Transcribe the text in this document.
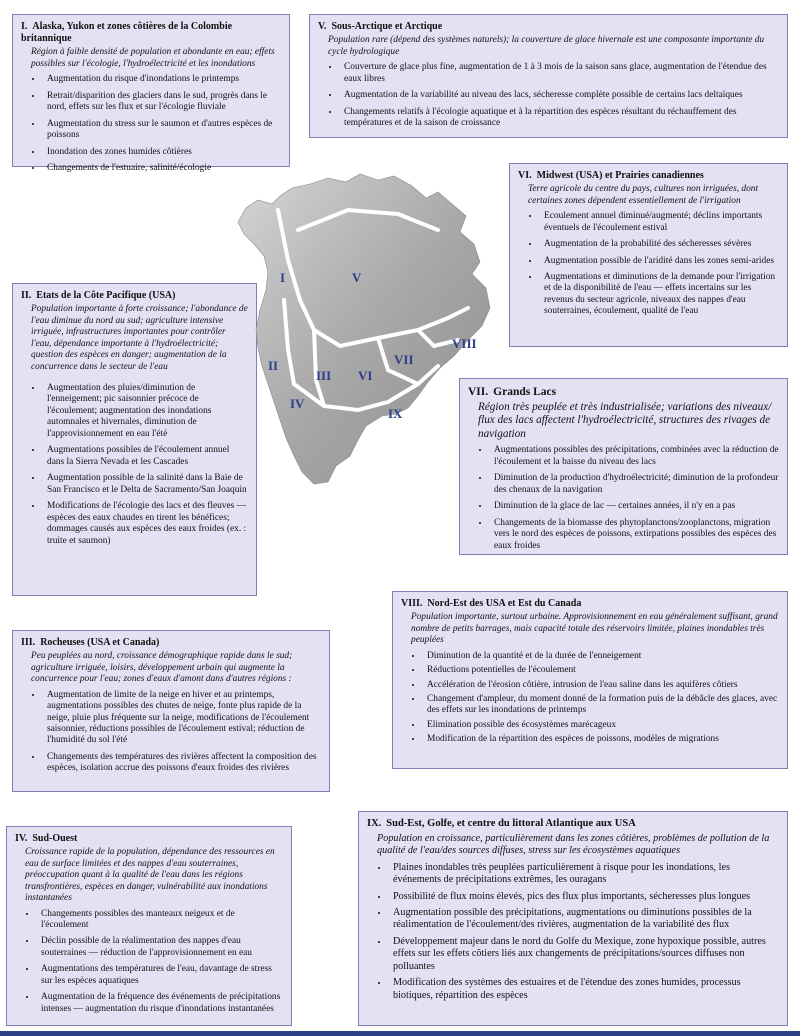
I. Alaska, Yukon et zones côtières de la Colombie britannique
Région à faible densité de population et abondante en eau; effets possibles sur l'écologie, l'hydroélectricité et les inondations
• Augmentation du risque d'inondations le printemps
• Retrait/disparition des glaciers dans le sud, progrès dans le nord, effets sur les flux et sur l'écologie fluviale
• Augmentation du stress sur le saumon et d'autres espèces de poissons
• Inondation des zones humides côtières
• Changements de l'estuaire, salinité/écologie
V. Sous-Arctique et Arctique
Population rare (dépend des systèmes naturels); la couverture de glace hivernale est une composante importante du cycle hydrologique
• Couverture de glace plus fine, augmentation de 1 à 3 mois de la saison sans glace, augmentation de l'étendue des eaux libres
• Augmentation de la variabilité au niveau des lacs, sécheresse complète possible de certains lacs deltaïques
• Changements relatifs à l'écologie aquatique et à la répartition des espèces résultant du réchauffement des températures et de la saison de croissance
VI. Midwest (USA) et Prairies canadiennes
Terre agricole du centre du pays, cultures non irriguées, dont certaines zones dépendent essentiellement de l'irrigation
• Ecoulement annuel diminué/augmenté; déclins importants éventuels de l'écoulement estival
• Augmentation de la probabilité des sécheresses sévères
• Augmentation possible de l'aridité dans les zones semi-arides
• Augmentations et diminutions de la demande pour l'irrigation et de la disponibilité de l'eau — effets incertains sur les revenus du secteur agricole, niveaux des nappes d'eau souterraines, écoulement, qualité de l'eau
II. Etats de la Côte Pacifique (USA)
Population importante à forte croissance; l'abondance de l'eau diminue du nord au sud; agriculture intensive irriguée, infrastructures importantes pour contrôler l'eau, dépendance importante à l'hydroélectricité; question des espèces en danger; augmentation de la concurrence dans le secteur de l'eau
• Augmentation des pluies/diminution de l'enneigement; pic saisonnier précoce de l'écoulement; augmentation des inondations automnales et hivernales, diminution de l'approvisionnement en eau l'été
• Augmentations possibles de l'écoulement annuel dans la Sierra Nevada et les Cascades
• Augmentation possible de la salinité dans la Baie de San Francisco et le Delta de Sacramento/San Joaquin
• Modifications de l'écologie des lacs et des fleuves — espèces des eaux chaudes en tirent les bénéfices; dommages causés aux espèces des eaux froides (ex. : truite et saumon)
I
II
III
IV
V
VI
VII
VIII
IX
VII. Grands Lacs
Région très peuplée et très industrialisée; variations des niveaux/ flux des lacs affectent l'hydroélectricité, structures des rivages de navigation
• Augmentations possibles des précipitations, combinées avec la réduction de l'écoulement et la baisse du niveau des lacs
• Diminution de la production d'hydroélectricité; diminution de la profondeur des chenaux de la navigation
• Diminution de la glace de lac — certaines années, il n'y en a pas
• Changements de la biomasse des phytoplanctons/zooplanctons, migration vers le nord des espèces de poissons, extirpations possibles des espèces des eaux froides
VIII. Nord-Est des USA et Est du Canada
Population importante, surtout urbaine. Approvisionnement en eau généralement suffisant, grand nombre de petits barrages, mais capacité totale des réservoirs limitée, plaines inondables très peuplées
• Diminution de la quantité et de la durée de l'enneigement
• Réductions potentielles de l'écoulement
• Accélération de l'érosion côtière, intrusion de l'eau saline dans les aquifères côtiers
• Changement d'ampleur, du moment donné de la formation puis de la débâcle des glaces, avec des effets sur les inondations de printemps
• Elimination possible des écosystèmes marécageux
• Modification de la répartition des espèces de poissons, modèles de migrations
III. Rocheuses (USA et Canada)
Peu peuplées au nord, croissance démographique rapide dans le sud; agriculture irriguée, loisirs, développement urbain qui augmente la concurrence pour l'eau; zones d'eaux d'amont dans d'autres régions :
• Augmentation de limite de la neige en hiver et au printemps, augmentations possibles des chutes de neige, fonte plus rapide de la neige, pluie plus fréquente sur la neige, modifications de l'écoulement saisonnier, réductions possibles de l'écoulement estival; réduction de l'humidité du sol l'été
• Changements des températures des rivières affectent la composition des espèces, isolation accrue des poissons d'eaux froides des rivières
IV. Sud-Ouest
Croissance rapide de la population, dépendance des ressources en eau de surface limitées et des nappes d'eau souterraines, préoccupation quant à la qualité de l'eau dans les régions transfrontières, espèces en danger, vulnérabilité aux inondations instantanées
• Changements possibles des manteaux neigeux et de l'écoulement
• Déclin possible de la réalimentation des nappes d'eau souterraines — réduction de l'approvisionnement en eau
• Augmentations des températures de l'eau, davantage de stress sur les espèces aquatiques
• Augmentation de la fréquence des événements de précipitations intenses — augmentation du risque d'inondations instantanées
IX. Sud-Est, Golfe, et centre du littoral Atlantique aux USA
Population en croissance, particulièrement dans les zones côtières, problèmes de pollution de la qualité de l'eau/des sources diffuses, stress sur les écosystèmes aquatiques
• Plaines inondables très peuplées particulièrement à risque pour les inondations, les événements de précipitations extrêmes, les ouragans
• Possibilité de flux moins élevés, pics des flux plus importants, sécheresses plus longues
• Augmentation possible des précipitations, augmentations ou diminutions possibles de la réalimentation de l'écoulement/des rivières, augmentation de la variabilité des flux
• Développement majeur dans le nord du Golfe du Mexique, zone hypoxique possible, autres effets sur les effets côtiers liés aux changements de précipitations/sources diffuses non polluantes
• Modification des systèmes des estuaires et de l'étendue des zones humides, processus biotiques, répartition des espèces
